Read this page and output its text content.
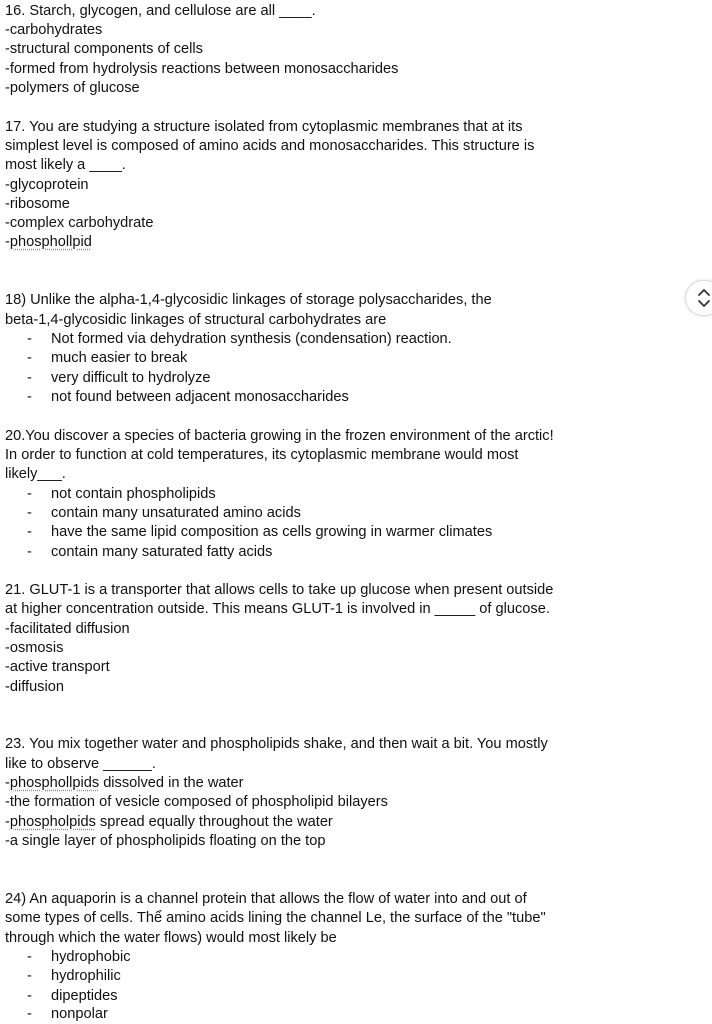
16. Starch, glycogen, and cellulose are all ____.
-carbohydrates
-structural components of cells
-formed from hydrolysis reactions between monosaccharides
-polymers of glucose
17. You are studying a structure isolated from cytoplasmic membranes that at its
simplest level is composed of amino acids and monosaccharides. This structure is
most likely a ____.
-glycoprotein
-ribosome
-complex carbohydrate
-phosphollpid
18) Unlike the alpha-1,4-glycosidic linkages of storage polysaccharides, the
beta-1,4-glycosidic linkages of structural carbohydrates are
- Not formed via dehydration synthesis (condensation) reaction.
- much easier to break
- very difficult to hydrolyze
- not found between adjacent monosaccharides
20.You discover a species of bacteria growing in the frozen environment of the arctic!
In order to function at cold temperatures, its cytoplasmic membrane would most
likely___.
- not contain phospholipids
- contain many unsaturated amino acids
- have the same lipid composition as cells growing in warmer climates
- contain many saturated fatty acids
21. GLUT-1 is a transporter that allows cells to take up glucose when present outside
at higher concentration outside. This means GLUT-1 is involved in _____ of glucose.
-facilitated diffusion
-osmosis
-active transport
-diffusion
23. You mix together water and phospholipids shake, and then wait a bit. You mostly
like to observe ______.
-phosphollpids dissolved in the water
-the formation of vesicle composed of phospholipid bilayers
-phospholpids spread equally throughout the water
-a single layer of phospholipids floating on the top
24) An aquaporin is a channel protein that allows the flow of water into and out of
some types of cells. Thể amino acids lining the channel Le, the surface of the "tube"
through which the water flows) would most likely be
- hydrophobic
- hydrophilic
- dipeptides
- nonpolar
